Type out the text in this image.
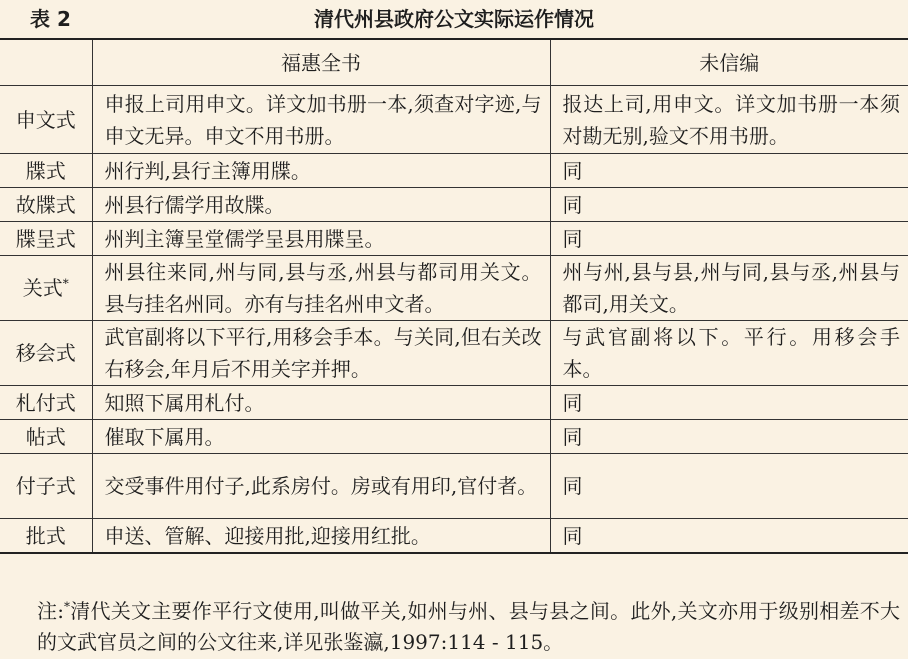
表 2	清代州县政府公文实际运作情况
	福惠全书	未信编
申文式	申报上司用申文。详文加书册一本,须查对字迹,与申文无异。申文不用书册。	报达上司,用申文。详文加书册一本须对勘无别,验文不用书册。
牒式	州行判,县行主簿用牒。	同
故牒式	州县行儒学用故牒。	同
牒呈式	州判主簿呈堂儒学呈县用牒呈。	同
关式*	州县往来同,州与同,县与丞,州县与都司用关文。县与挂名州同。亦有与挂名州申文者。	州与州,县与县,州与同,县与丞,州县与都司,用关文。
移会式	武官副将以下平行,用移会手本。与关同,但右关改右移会,年月后不用关字并押。	与武官副将以下。平行。用移会手本。
札付式	知照下属用札付。	同
帖式	催取下属用。	同
付子式	交受事件用付子,此系房付。房或有用印,官付者。	同
批式	申送、管解、迎接用批,迎接用红批。	同
注:*清代关文主要作平行文使用,叫做平关,如州与州、县与县之间。此外,关文亦用于级别相差不大的文武官员之间的公文往来,详见张鉴瀛,1997:114 - 115。
